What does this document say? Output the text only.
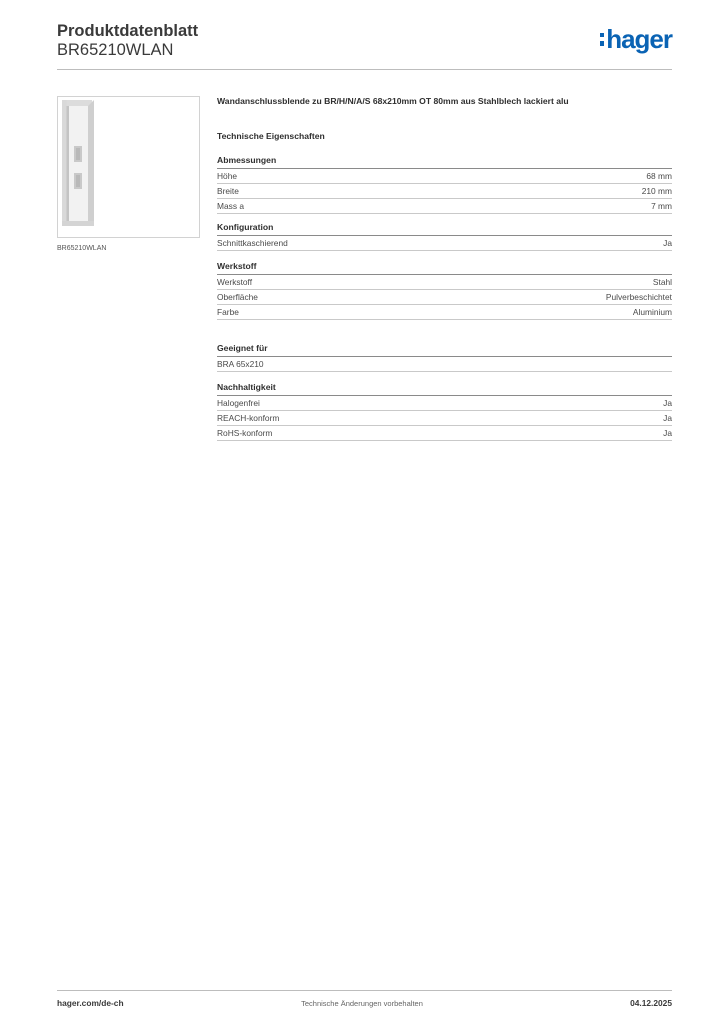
Produktdatenblatt
BR65210WLAN	hager
BR65210WLAN
Wandanschlussblende zu BR/H/N/A/S 68x210mm OT 80mm aus Stahlblech lackiert alu
Technische Eigenschaften
Abmessungen
Höhe	68 mm
Breite	210 mm
Mass a	7 mm
Konfiguration
Schnittkaschierend	Ja
Werkstoff
Werkstoff	Stahl
Oberfläche	Pulverbeschichtet
Farbe	Aluminium
Geeignet für
BRA 65x210
Nachhaltigkeit
Halogenfrei	Ja
REACH-konform	Ja
RoHS-konform	Ja
hager.com/de-ch	Technische Änderungen vorbehalten	04.12.2025
